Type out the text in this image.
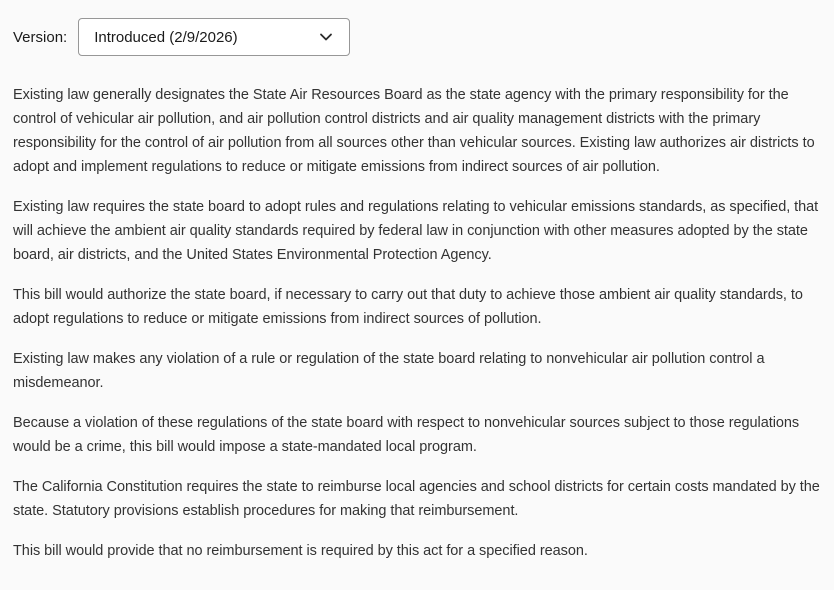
Version: Introduced (2/9/2026)

Existing law generally designates the State Air Resources Board as the state agency with the primary responsibility for the control of vehicular air pollution, and air pollution control districts and air quality management districts with the primary responsibility for the control of air pollution from all sources other than vehicular sources. Existing law authorizes air districts to adopt and implement regulations to reduce or mitigate emissions from indirect sources of air pollution.

Existing law requires the state board to adopt rules and regulations relating to vehicular emissions standards, as specified, that will achieve the ambient air quality standards required by federal law in conjunction with other measures adopted by the state board, air districts, and the United States Environmental Protection Agency.

This bill would authorize the state board, if necessary to carry out that duty to achieve those ambient air quality standards, to adopt regulations to reduce or mitigate emissions from indirect sources of pollution.

Existing law makes any violation of a rule or regulation of the state board relating to nonvehicular air pollution control a misdemeanor.

Because a violation of these regulations of the state board with respect to nonvehicular sources subject to those regulations would be a crime, this bill would impose a state-mandated local program.

The California Constitution requires the state to reimburse local agencies and school districts for certain costs mandated by the state. Statutory provisions establish procedures for making that reimbursement.

This bill would provide that no reimbursement is required by this act for a specified reason.
